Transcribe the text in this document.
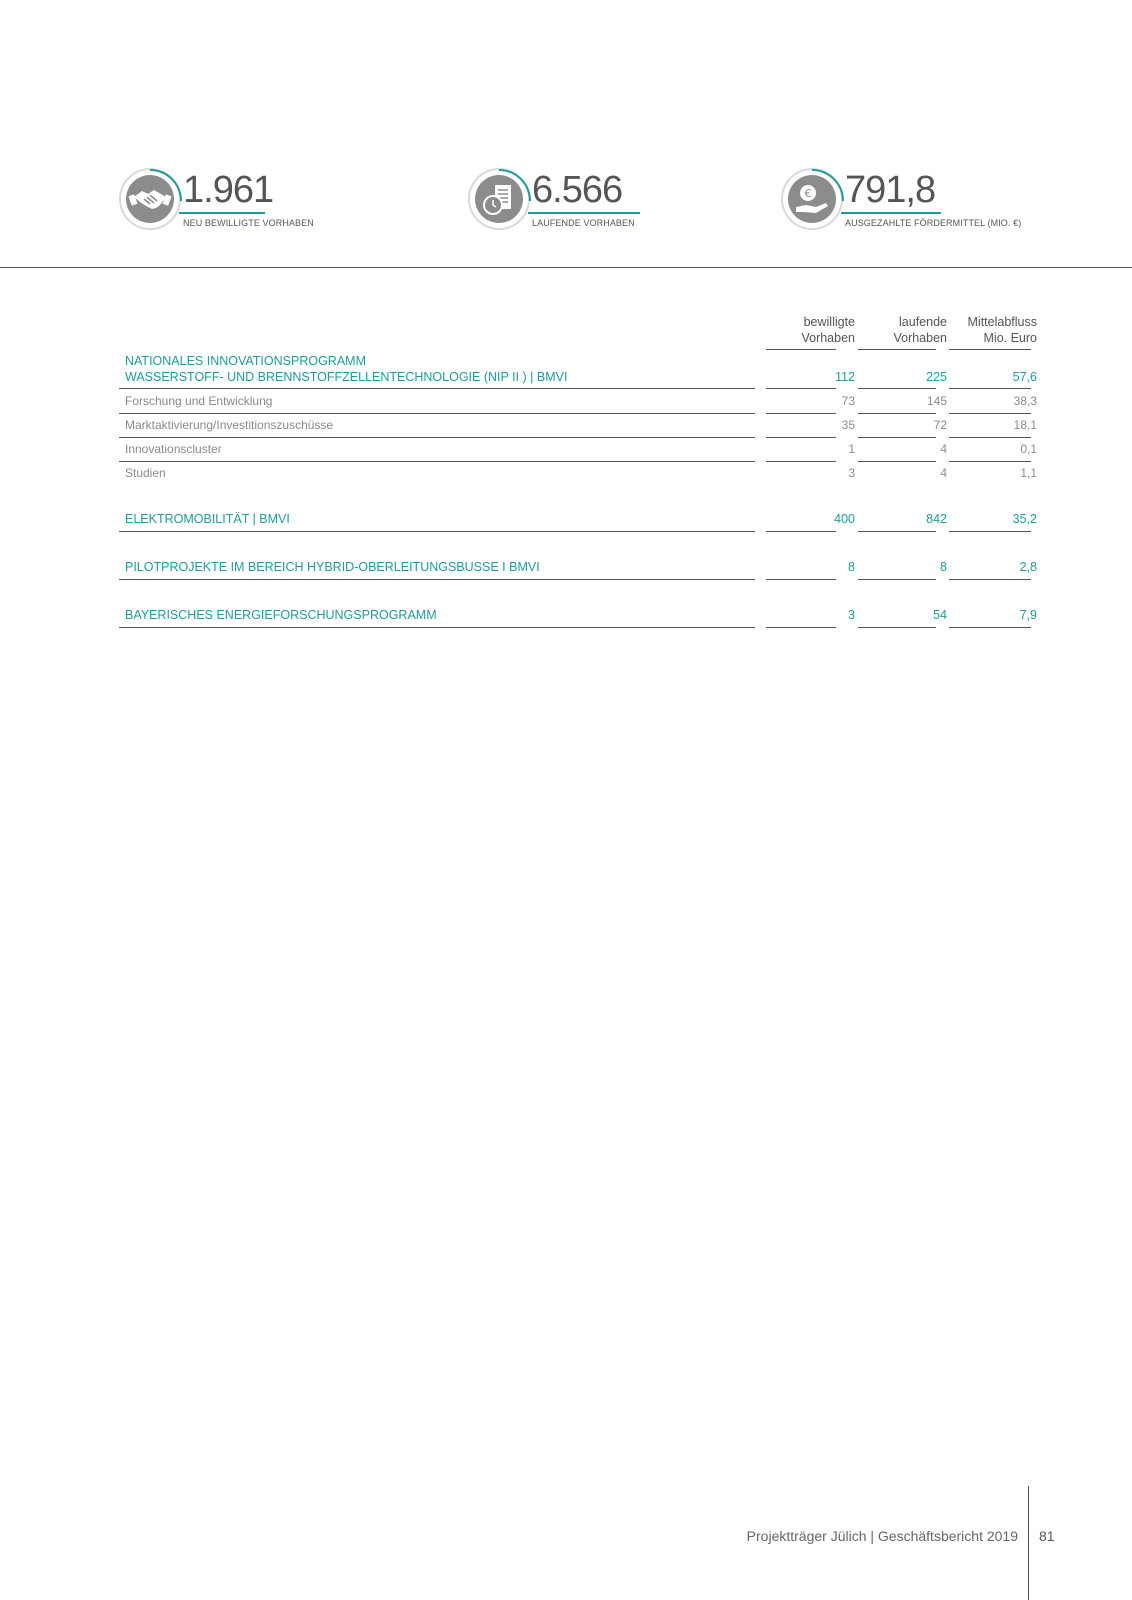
1.961
NEU BEWILLIGTE VORHABEN
6.566
LAUFENDE VORHABEN
€ 791,8
AUSGEZAHLTE FÖRDERMITTEL (MIO. €)
bewilligte
Vorhaben
laufende
Vorhaben
Mittelabfluss
Mio. Euro
NATIONALES INNOVATIONSPROGRAMM
WASSERSTOFF- UND BRENNSTOFFZELLENTECHNOLOGIE (NIP II ) | BMVI	112	225	57,6
Forschung und Entwicklung	73	145	38,3
Marktaktivierung/Investitionszuschüsse	35	72	18,1
Innovationscluster	1	4	0,1
Studien	3	4	1,1
ELEKTROMOBILITÄT | BMVI	400	842	35,2
PILOTPROJEKTE IM BEREICH HYBRID-OBERLEITUNGSBUSSE I BMVI	8	8	2,8
BAYERISCHES ENERGIEFORSCHUNGSPROGRAMM	3	54	7,9
Projektträger Jülich | Geschäftsbericht 2019 81
